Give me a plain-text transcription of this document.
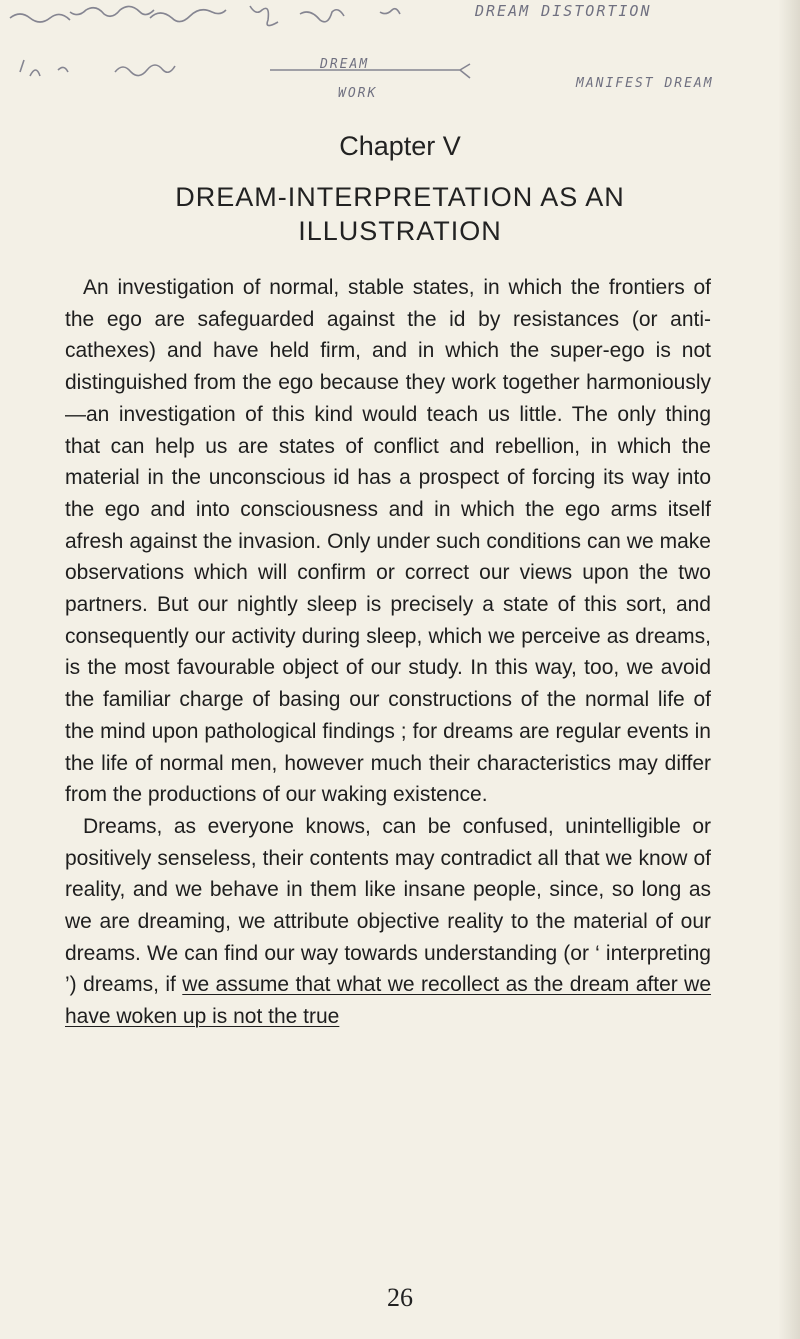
DREAM DISTORTION
DREAM
MANIFEST DREAM
WORK
Chapter V
DREAM-INTERPRETATION AS AN
ILLUSTRATION

An investigation of normal, stable states, in which the frontiers of the ego are safeguarded against the id by resistances (or anti-cathexes) and have held firm, and in which the super-ego is not distinguished from the ego because they work together harmoniously—an investigation of this kind would teach us little. The only thing that can help us are states of conflict and rebellion, in which the material in the unconscious id has a prospect of forcing its way into the ego and into consciousness and in which the ego arms itself afresh against the invasion. Only under such conditions can we make observations which will confirm or correct our views upon the two partners. But our nightly sleep is precisely a state of this sort, and consequently our activity during sleep, which we perceive as dreams, is the most favourable object of our study. In this way, too, we avoid the familiar charge of basing our constructions of the normal life of the mind upon pathological findings ; for dreams are regular events in the life of normal men, however much their characteristics may differ from the productions of our waking existence.

Dreams, as everyone knows, can be confused, unintelligible or positively senseless, their contents may contradict all that we know of reality, and we behave in them like insane people, since, so long as we are dreaming, we attribute objective reality to the material of our dreams. We can find our way towards understanding (or ‘ interpreting ’) dreams, if we assume that what we recollect as the dream after we have woken up is not the true

26
